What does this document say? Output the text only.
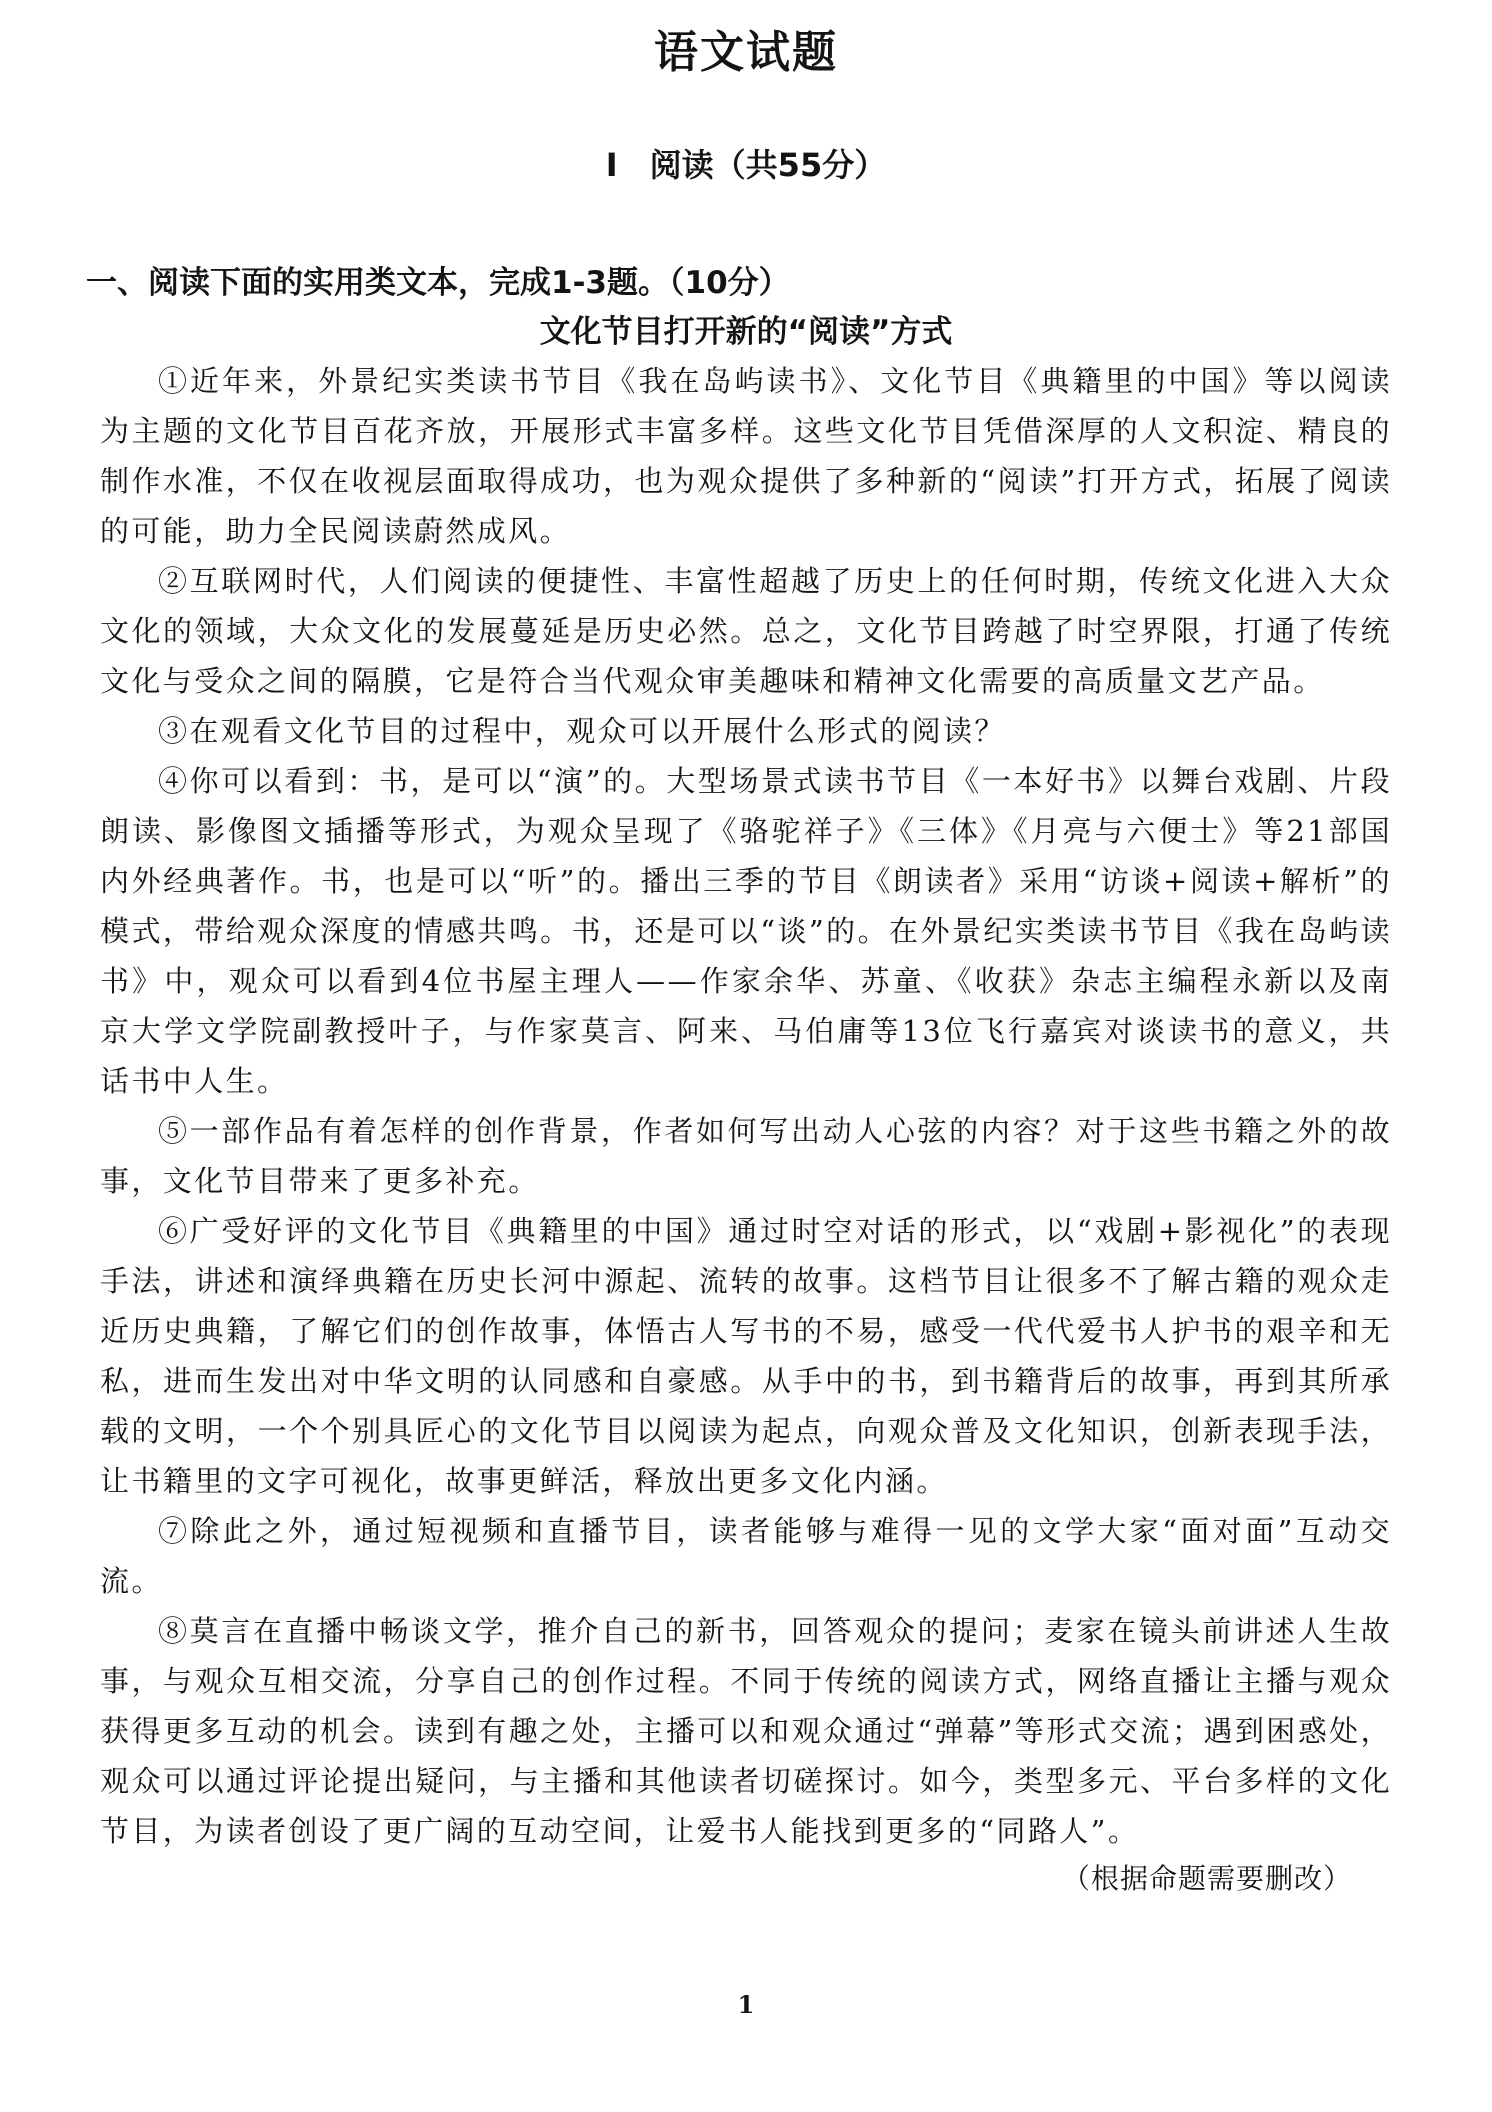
语文试题
I　阅读（共55分）
一、阅读下面的实用类文本，完成1-3题。（10分）
文化节目打开新的“阅读”方式

①近年来，外景纪实类读书节目《我在岛屿读书》、文化节目《典籍里的中国》等以阅读为主题的文化节目百花齐放，开展形式丰富多样。这些文化节目凭借深厚的人文积淀、精良的制作水准，不仅在收视层面取得成功，也为观众提供了多种新的“阅读”打开方式，拓展了阅读的可能，助力全民阅读蔚然成风。

②互联网时代，人们阅读的便捷性、丰富性超越了历史上的任何时期，传统文化进入大众文化的领域，大众文化的发展蔓延是历史必然。总之，文化节目跨越了时空界限，打通了传统文化与受众之间的隔膜，它是符合当代观众审美趣味和精神文化需要的高质量文艺产品。

③在观看文化节目的过程中，观众可以开展什么形式的阅读？

④你可以看到：书，是可以“演”的。大型场景式读书节目《一本好书》以舞台戏剧、片段朗读、影像图文插播等形式，为观众呈现了《骆驼祥子》《三体》《月亮与六便士》等21部国内外经典著作。书，也是可以“听”的。播出三季的节目《朗读者》采用“访谈+阅读+解析”的模式，带给观众深度的情感共鸣。书，还是可以“谈”的。在外景纪实类读书节目《我在岛屿读书》中，观众可以看到4位书屋主理人——作家余华、苏童、《收获》杂志主编程永新以及南京大学文学院副教授叶子，与作家莫言、阿来、马伯庸等13位飞行嘉宾对谈读书的意义，共话书中人生。

⑤一部作品有着怎样的创作背景，作者如何写出动人心弦的内容？对于这些书籍之外的故事，文化节目带来了更多补充。

⑥广受好评的文化节目《典籍里的中国》通过时空对话的形式，以“戏剧+影视化”的表现手法，讲述和演绎典籍在历史长河中源起、流转的故事。这档节目让很多不了解古籍的观众走近历史典籍，了解它们的创作故事，体悟古人写书的不易，感受一代代爱书人护书的艰辛和无私，进而生发出对中华文明的认同感和自豪感。从手中的书，到书籍背后的故事，再到其所承载的文明，一个个别具匠心的文化节目以阅读为起点，向观众普及文化知识，创新表现手法，让书籍里的文字可视化，故事更鲜活，释放出更多文化内涵。

⑦除此之外，通过短视频和直播节目，读者能够与难得一见的文学大家“面对面”互动交流。

⑧莫言在直播中畅谈文学，推介自己的新书，回答观众的提问；麦家在镜头前讲述人生故事，与观众互相交流，分享自己的创作过程。不同于传统的阅读方式，网络直播让主播与观众获得更多互动的机会。读到有趣之处，主播可以和观众通过“弹幕”等形式交流；遇到困惑处，观众可以通过评论提出疑问，与主播和其他读者切磋探讨。如今，类型多元、平台多样的文化节目，为读者创设了更广阔的互动空间，让爱书人能找到更多的“同路人”。

（根据命题需要删改）

1
